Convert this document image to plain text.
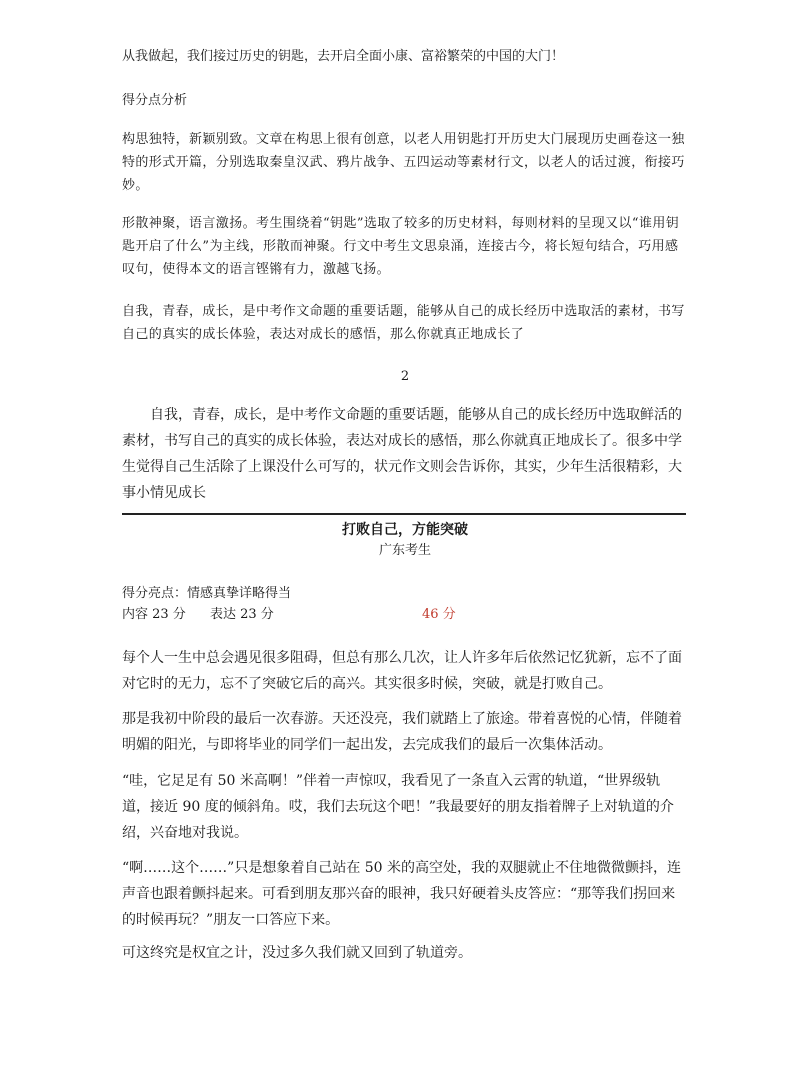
从我做起，我们接过历史的钥匙，去开启全面小康、富裕繁荣的中国的大门！

得分点分析

构思独特，新颖别致。文章在构思上很有创意，以老人用钥匙打开历史大门展现历史画卷这一独特的形式开篇，分别选取秦皇汉武、鸦片战争、五四运动等素材行文，以老人的话过渡，衔接巧妙。

形散神聚，语言激扬。考生围绕着“钥匙”选取了较多的历史材料，每则材料的呈现又以“谁用钥匙开启了什么”为主线，形散而神聚。行文中考生文思泉涌，连接古今，将长短句结合，巧用感叹句，使得本文的语言铿锵有力，激越飞扬。

自我，青春，成长，是中考作文命题的重要话题，能够从自己的成长经历中选取活的素材，书写自己的真实的成长体验，表达对成长的感悟，那么你就真正地成长了

2

自我，青春，成长，是中考作文命题的重要话题，能够从自己的成长经历中选取鲜活的素材，书写自己的真实的成长体验，表达对成长的感悟，那么你就真正地成长了。很多中学生觉得自己生活除了上课没什么可写的，状元作文则会告诉你，其实，少年生活很精彩，大事小情见成长

打败自己，方能突破

广东考生

得分亮点：情感真挚详略得当

内容 23 分 表达 23 分	46 分

每个人一生中总会遇见很多阻碍，但总有那么几次，让人许多年后依然记忆犹新，忘不了面对它时的无力，忘不了突破它后的高兴。其实很多时候，突破，就是打败自己。

那是我初中阶段的最后一次春游。天还没亮，我们就踏上了旅途。带着喜悦的心情，伴随着明媚的阳光，与即将毕业的同学们一起出发，去完成我们的最后一次集体活动。

“哇，它足足有 50 米高啊！”伴着一声惊叹，我看见了一条直入云霄的轨道，“世界级轨道，接近 90 度的倾斜角。哎，我们去玩这个吧！”我最要好的朋友指着牌子上对轨道的介绍，兴奋地对我说。

“啊……这个……”只是想象着自己站在 50 米的高空处，我的双腿就止不住地微微颤抖，连声音也跟着颤抖起来。可看到朋友那兴奋的眼神，我只好硬着头皮答应：“那等我们拐回来的时候再玩？”朋友一口答应下来。

可这终究是权宜之计，没过多久我们就又回到了轨道旁。
